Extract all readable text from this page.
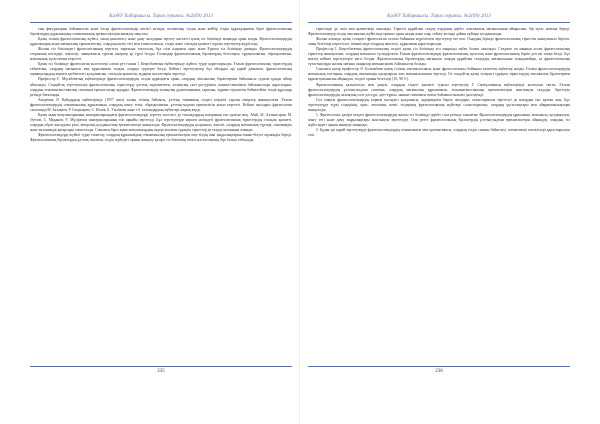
ҚазҰУ Хабаршысы. Тарих сериясы. №2(69) 2013

тың фигураларын байланысты және басқа фразеологизмдер негізгі кезінде, поэзиялық тілдің және кейбір тілдік құралдарымен бірге фразеологиялық бірліктердің құрылымдық-семантикалық ерекшеліктерін анықтау мақсаты.

Қазақ тілінің фразеологиялық жүйесі, оның қалыптасу және даму жолдарын зерттеу мәселесі қазақ тіл білімінде маңызды орын алады. Фразеологизмдердің құрылымдық және мағыналық ерекшеліктері, олардың шығу тегі мен этимологиясы, тілдік және стильдік қызметі туралы зерттеулер жүргізілді.

Жалпы тіл біліміндегі фразеологияның зерттелу тарихына тоқталсақ, бұл сала алдымен орыс және Еуропа тіл білімінде дамыды. Фразеологизмдердің теориялық негіздері, жіктелуі, анықтамасы туралы пікірлер әр түрлі болды. Ғалымдар фразеологиялық бірліктердің белгілерін, тұрақтылығын, образдылығын, мағыналық тұтастығын көрсетті.

Қазақ тіл білімінде фразеология мәселелері алғаш рет ғалым І. Кеңесбаевтың еңбектерінде жүйелі түрде қарастырылды. Ғалым фразеологиялық тіркестердің табиғатын, олардың мағынасы мен құрылымын талдап, оларды түрлерге бөлді. Кейінгі зерттеушілер бұл ойларды әрі қарай дамытып, фразеологиялық единицалардың көркем әдебиеттегі қолданысын, стильдік қызметін, аударма мәселелерін зерттеді.

Профессор Ғ. Мұсабаевтың еңбектерінде фразеологизмдердің сөздік құрамдағы орны, олардың лексикалық бірліктермен байланысы туралы құнды ойлар айтылады. Сондай-ақ зерттеушілер фразеологиялық тіркестерді ұлттық мәдениетпен, халықтың салт-дәстүрімен, наным-сенімімен байланыстыра қарастырып, олардың этнолингвистикалық сипатына ерекше назар аударды. Фразеологизмдер халықтың дүниетанымын, тарихын, тұрмыс-тіршілігін бейнелейтін тілдік құралдар ретінде бағаланды.

Академик Ә. Қайдардың еңбектерінде (1957 жыл) халық тілінің байлығы, ұлттық танымның тілдегі көрінісі туралы пікірлер жинақталған. Ғалым фразеологизмдердің семантикалық құрылымын, олардың шығу тегін, образдылығын, ұлттық-мәдени ерекшелігін ашып көрсетті. Кейінгі жылдары фразеология саласында М. Балақаев, Р. Сыздықова, С. Исаев, Б. Уызбаева және т.б. ғалымдардың еңбектері жарық көрді.

Қазақ ақын-жазушыларының шығармаларындағы фразеологизмдерді зерттеу мәселесі де ғалымдардың назарынан тыс қалған жоқ. Абай, Ы. Алтынсарин, М. Әуезов, С. Мұқанов, Ғ. Мүсірепов шығармаларының тілі арнайы зерттелді. Бұл зерттеулерде көркем мәтіндегі фразеологиялық тіркестердің стильдік қызметі, олардың образ жасаудағы рөлі, авторлық қолданыстың ерекшеліктері анықталды. Фразеологизмдердің қолданылу жиілігі, олардың мағыналық түрлері, синонимдік және антонимдік қатарлары сипатталды. Сонымен бірге ақын-жазушылардың өздері жасаған тұрақты тіркестер де талдау нысанына алынды.

Фразеологизмдерді жүйелі түрде сипаттау, олардың құрылымдық-семантикалық ерекшеліктерін ашу тілдің ішкі заңдылықтарын танып-білуге мүмкіндік береді. Фразеологиялық бірліктердің ұлттық сипатын, тілдік жүйедегі орнын анықтау қазіргі тіл білімінің өзекті мәселелерінің бірі болып табылады.

235
ҚазҰУ Хабаршысы. Тарих сериясы. №2(69) 2013

тіркесінде де, өкіл мен қызметкері саналады. Тіркесті құрайтын сөздер өздерінің дербес лексикалық мағынасынан айырылып, бір тұтас мағына береді. Фразеологизмдер тілдің лексикалық жүйесінде ерекше орын алады және олар сөйлеу кезінде дайын күйінде қолданылады.

Жалпы алғанда, қазақ тіліндегі фразеология саласы бойынша жүргізілген зерттеулер өте көп. Олардың бірінде фразеологиялық тіркестің анықтамасы беріліп, оның белгілері көрсетілсе, екіншісінде олардың жіктелуі, құрылымы қарастырылды.

Профессор І. Кеңесбаевтың фразеологиялық сөздігі қазақ тіл білімінде аса маңызды еңбек болып саналады. Сөздікте он мыңнан астам фразеологиялық тіркестер жинақталып, олардың мағынасы түсіндірілген. Ғалым фразеологизмдерді фразеологиялық тұтастық және фразеологиялық бірлік деп екі топқа бөлді. Бұл жіктеу кейінгі зерттеулерге негіз болды. Фразеологиялық бірліктердің мағынасы оларды құрайтын сөздердің мағынасынан туындамайды, ал фразеологиялық тұтастықтарда жалпы мағына сыңарлар мағынасымен байланысты болады.

Сонымен қатар профессор Ә. Болғанбаев қазақ тілінің лексикологиясы және фразеологиясы бойынша көптеген еңбектер жазды. Ғалым фразеологизмдердің мағыналық топтарын, олардың синонимдік қатарларын, көп мағыналылығын зерттеді. Ол сондай-ақ қазақ тіліндегі тұрақты тіркестердің лексикалық бірліктермен қарым-қатынасын айқындап, тілдегі орнын белгіледі [10, 90 б.].

Фразеологияның қалыптасуы мен дамуы, олардың тілдегі қызметі туралы зерттеулер Г. Смағұлованың еңбектерінде жалғасын тапты. Ғалым фразеологизмдердің ұлттық-мәдени сипатын, олардың мағыналық құрылымын, этнолингвистикалық ерекшеліктерін жан-жақты талдады. Зерттеуде фразеологизмдердің халықтың салт-дәстүрі, әдет-ғұрпы, наным-сенімімен тығыз байланыстылығы дәлелденді.

Сол сияқты фразеологизмдердің көркем мәтіндегі қолданысы, аудармадағы берілу жолдары, салыстырмалы зерттелуі де назардан тыс қалған жоқ. Бұл зерттеулерде түркі тілдерінің, орыс, ағылшын, неміс тілдерінің фразеологиялық жүйелері салыстырылып, олардың ұқсастықтары мен айырмашылықтары анықталды.

1. Фразеология, қазіргі кездегі фразеологизмдердің жалпы тіл білімінде дербес сала ретінде танылған. Фразеологизмдердің құрылымы, мағынасы, қолданылуы, шығу тегі және даму заңдылықтары жан-жақты зерттелуде. Осы ретте фразеологиялық бірліктердің ұлттық-мәдени ерекшеліктерін айқындау, олардың тіл жүйесіндегі орнын анықтау маңызды.

2. Бұдан әрі қарай зерттеулерде фразеологизмдердің семантикасы мен прагматикасы, олардың тілдік сананы бейнелеуі, когнитивтік аспектілері қарастырылуы тиіс.

236
